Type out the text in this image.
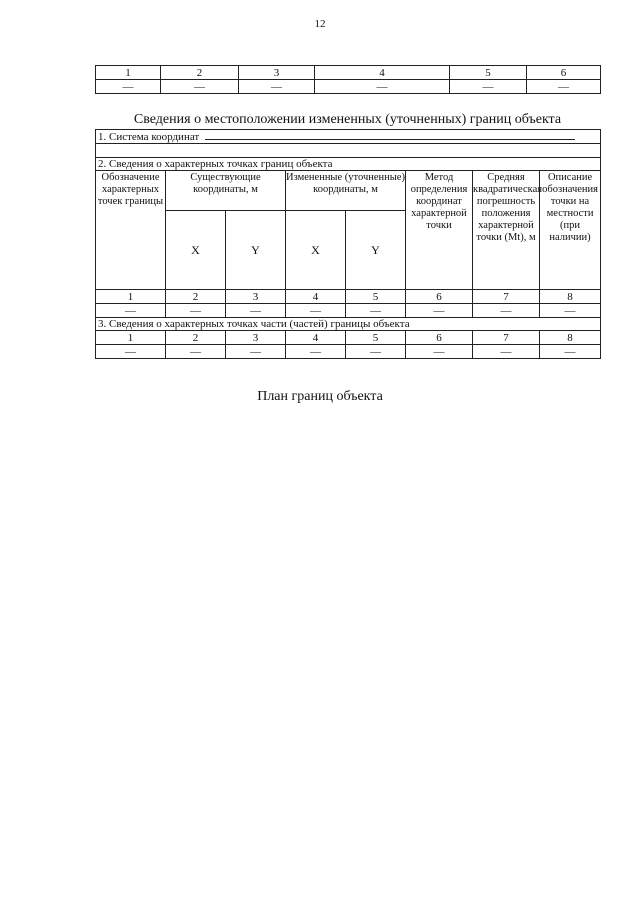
12
1	2	3	4	5	6
—	—	—	—	—	—
Сведения о местоположении измененных (уточненных) границ объекта
1. Система координат							

2. Сведения о характерных точках границ объекта							
Обозначение характерных точек границы	Существующие координаты, м		Измененные (уточненные) координаты, м		Метод определения координат характерной точки	Средняя квадратическая погрешность положения характерной точки (Mt), м	Описание обозначения точки на местности (при наличии)
	X	Y	X	Y			
1	2	3	4	5	6	7	8
—	—	—	—	—	—	—	—
3. Сведения о характерных точках части (частей) границы объекта							
1	2	3	4	5	6	7	8
—	—	—	—	—	—	—	—
План границ объекта
